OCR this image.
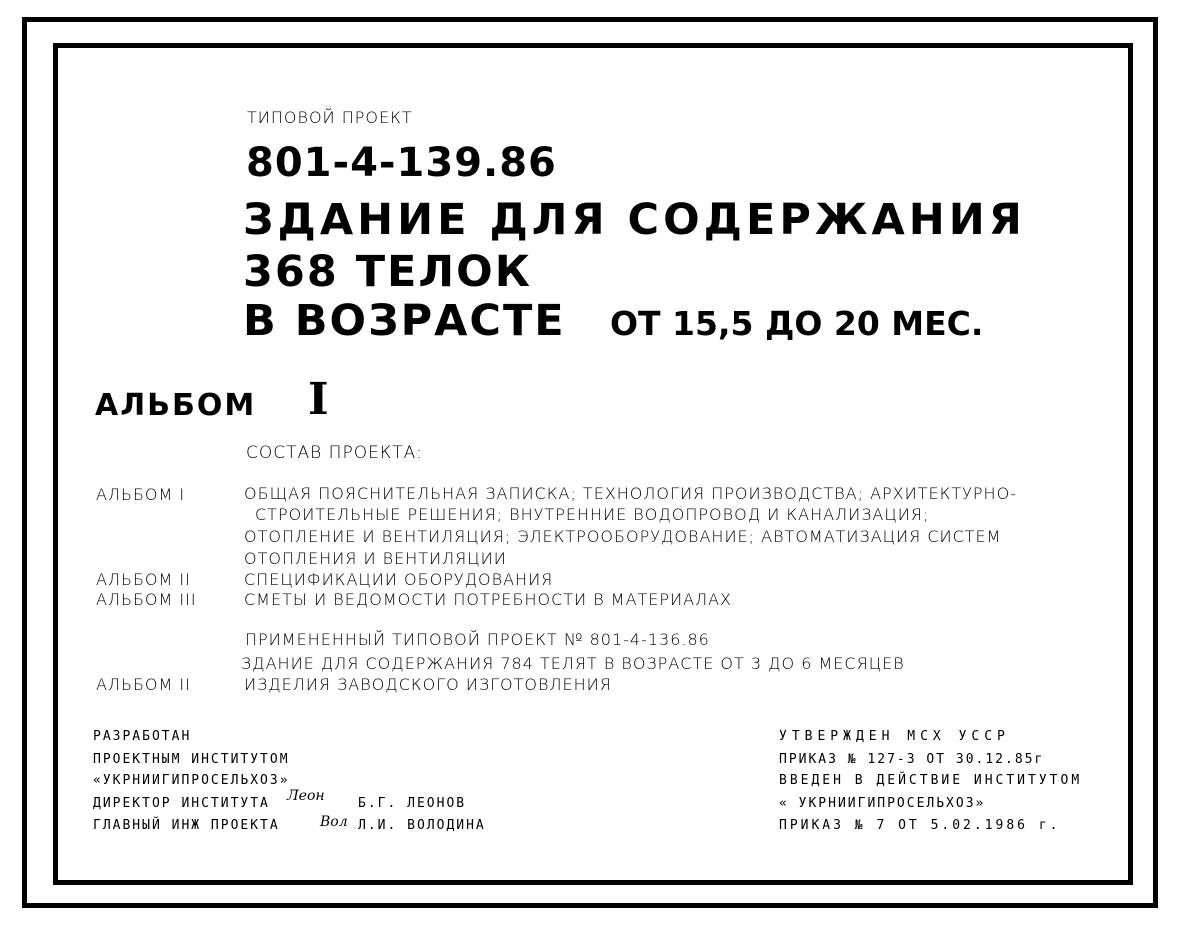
ТИПОВОЙ ПРОЕКТ

801-4-139.86

ЗДАНИЕ ДЛЯ СОДЕРЖАНИЯ

368 ТЕЛОК

В ВОЗРАСТЕ ОТ 15,5 ДО 20 МЕС.

АЛЬБОМ I

СОСТАВ ПРОЕКТА:

АЛЬБОМ I	ОБЩАЯ ПОЯСНИТЕЛЬНАЯ ЗАПИСКА; ТЕХНОЛОГИЯ ПРОИЗВОДСТВА; АРХИТЕКТУРНО-

СТРОИТЕЛЬНЫЕ РЕШЕНИЯ; ВНУТРЕННИЕ ВОДОПРОВОД И КАНАЛИЗАЦИЯ;

ОТОПЛЕНИЕ И ВЕНТИЛЯЦИЯ; ЭЛЕКТРООБОРУДОВАНИЕ; АВТОМАТИЗАЦИЯ СИСТЕМ

ОТОПЛЕНИЯ И ВЕНТИЛЯЦИИ

АЛЬБОМ II	СПЕЦИФИКАЦИИ ОБОРУДОВАНИЯ

АЛЬБОМ III	СМЕТЫ И ВЕДОМОСТИ ПОТРЕБНОСТИ В МАТЕРИАЛАХ

ПРИМЕНЕННЫЙ ТИПОВОЙ ПРОЕКТ № 801-4-136.86

ЗДАНИЕ ДЛЯ СОДЕРЖАНИЯ 784 ТЕЛЯТ В ВОЗРАСТЕ ОТ 3 ДО 6 МЕСЯЦЕВ

АЛЬБОМ II	ИЗДЕЛИЯ ЗАВОДСКОГО ИЗГОТОВЛЕНИЯ

РАЗРАБОТАН

ПРОЕКТНЫМ ИНСТИТУТОМ

«УКРНИИГИПРОСЕЛЬХОЗ»

ДИРЕКТОР ИНСТИТУТА Леон	Б.Г. ЛЕОНОВ

ГЛАВНЫЙ ИНЖ ПРОЕКТА	Вол Л.И. ВОЛОДИНА

УТВЕРЖДЕН МСХ УССР

ПРИКАЗ № 127-3 ОТ 30.12.85г

ВВЕДЕН В ДЕЙСТВИЕ ИНСТИТУТОМ

« УКРНИИГИПРОСЕЛЬХОЗ»

ПРИКАЗ № 7 ОТ 5.02.1986 г.
